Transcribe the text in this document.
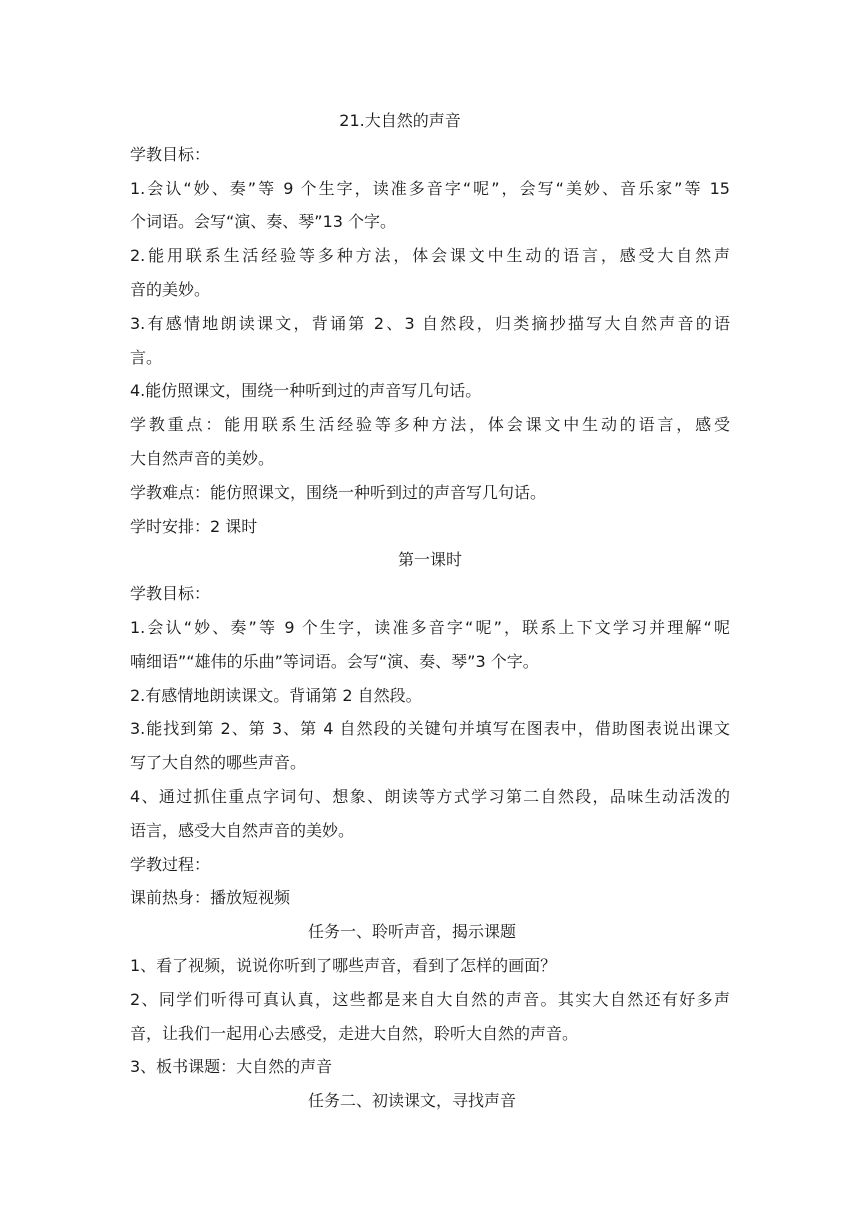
21.大自然的声音

学教目标：

1.会认“妙、奏”等 9 个生字，读准多音字“呢”，会写“美妙、音乐家”等 15

个词语。会写“演、奏、琴”13 个字。

2.能用联系生活经验等多种方法，体会课文中生动的语言，感受大自然声

音的美妙。

3.有感情地朗读课文，背诵第 2、3 自然段，归类摘抄描写大自然声音的语

言。

4.能仿照课文，围绕一种听到过的声音写几句话。

学教重点：能用联系生活经验等多种方法，体会课文中生动的语言，感受

大自然声音的美妙。

学教难点：能仿照课文，围绕一种听到过的声音写几句话。

学时安排：2 课时

第一课时

学教目标：

1.会认“妙、奏”等 9 个生字，读准多音字“呢”，联系上下文学习并理解“呢

喃细语”“雄伟的乐曲”等词语。会写“演、奏、琴”3 个字。

2.有感情地朗读课文。背诵第 2 自然段。

3.能找到第 2、第 3、第 4 自然段的关键句并填写在图表中，借助图表说出课文

写了大自然的哪些声音。

4、通过抓住重点字词句、想象、朗读等方式学习第二自然段，品味生动活泼的

语言，感受大自然声音的美妙。

学教过程：

课前热身：播放短视频

任务一、聆听声音，揭示课题

1、看了视频，说说你听到了哪些声音，看到了怎样的画面？

2、同学们听得可真认真，这些都是来自大自然的声音。其实大自然还有好多声

音，让我们一起用心去感受，走进大自然，聆听大自然的声音。

3、板书课题：大自然的声音

任务二、初读课文，寻找声音
